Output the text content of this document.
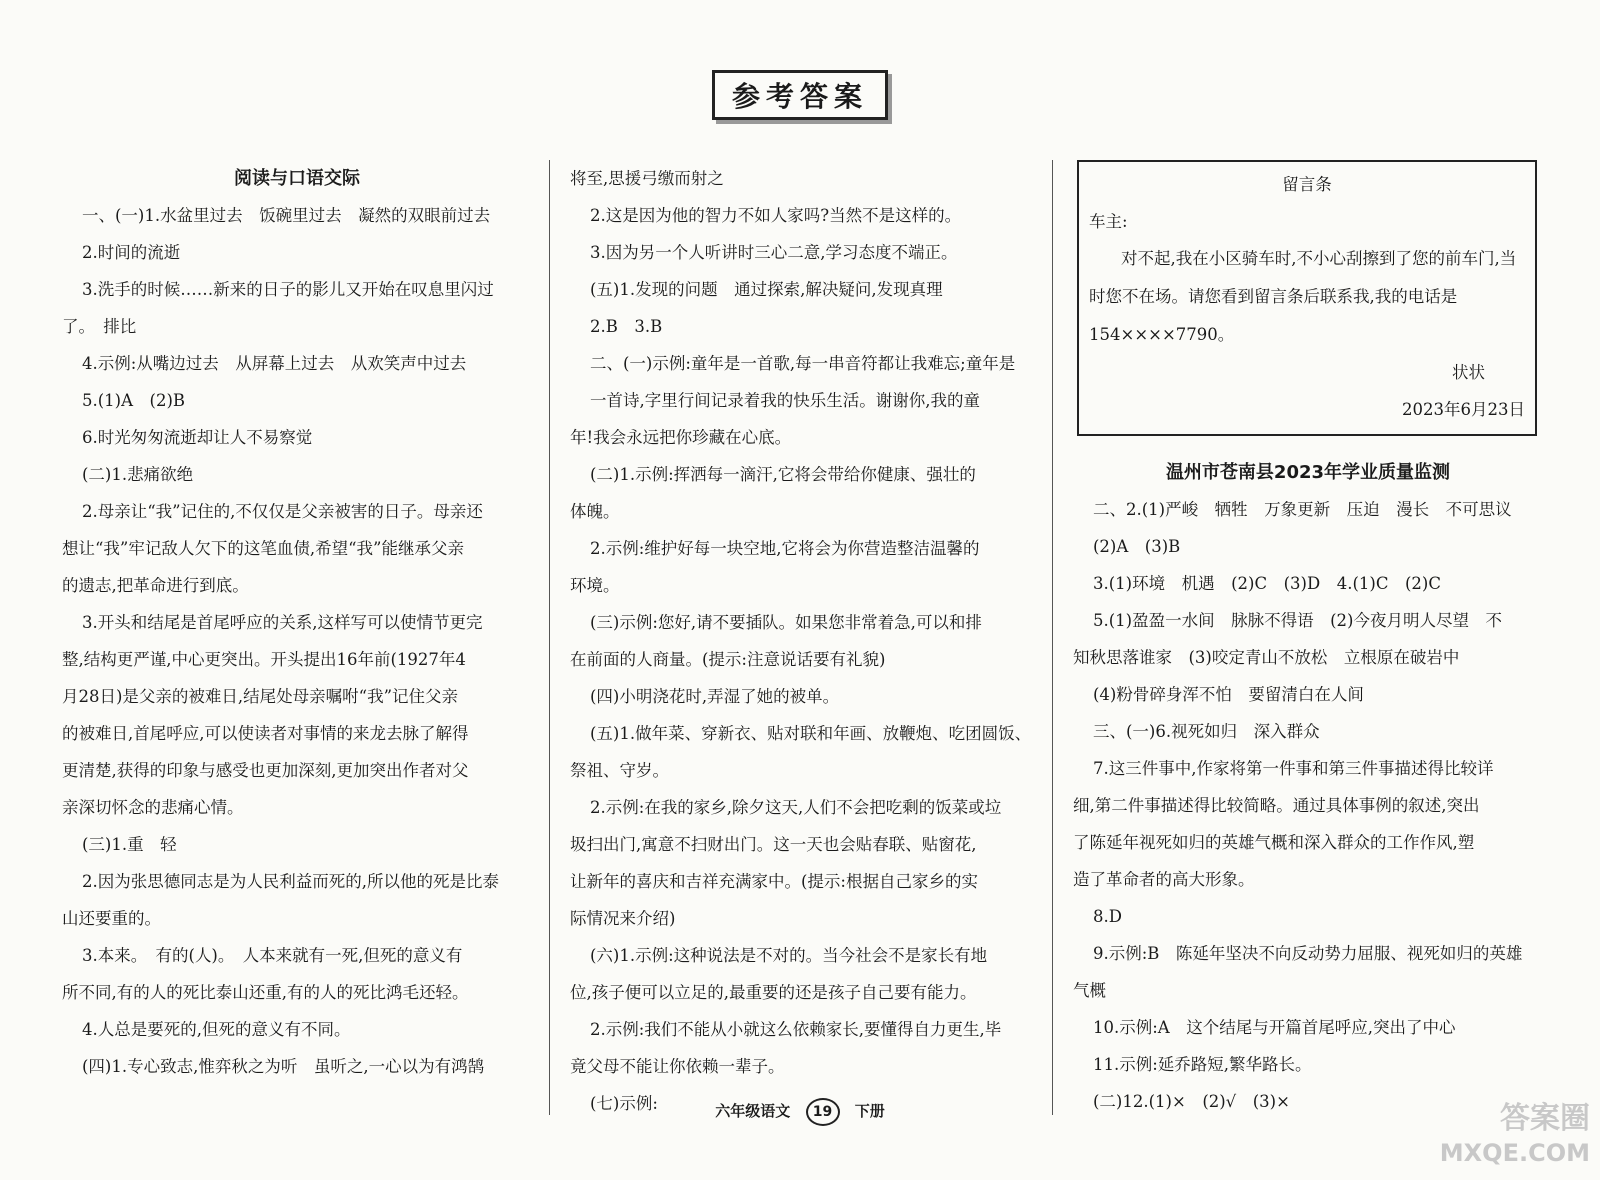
参考答案

阅读与口语交际

一、(一)1.水盆里过去　饭碗里过去　凝然的双眼前过去

2.时间的流逝

3.洗手的时候……新来的日子的影儿又开始在叹息里闪过

了。　排比

4.示例:从嘴边过去　从屏幕上过去　从欢笑声中过去

5.(1)A　(2)B

6.时光匆匆流逝却让人不易察觉

(二)1.悲痛欲绝

2.母亲让“我”记住的,不仅仅是父亲被害的日子。母亲还

想让“我”牢记敌人欠下的这笔血债,希望“我”能继承父亲

的遗志,把革命进行到底。

3.开头和结尾是首尾呼应的关系,这样写可以使情节更完

整,结构更严谨,中心更突出。开头提出16年前(1927年4

月28日)是父亲的被难日,结尾处母亲嘱咐“我”记住父亲

的被难日,首尾呼应,可以使读者对事情的来龙去脉了解得

更清楚,获得的印象与感受也更加深刻,更加突出作者对父

亲深切怀念的悲痛心情。

(三)1.重　轻

2.因为张思德同志是为人民利益而死的,所以他的死是比泰

山还要重的。

3.本来。　有的(人)。　人本来就有一死,但死的意义有

所不同,有的人的死比泰山还重,有的人的死比鸿毛还轻。

4.人总是要死的,但死的意义有不同。

(四)1.专心致志,惟弈秋之为听　虽听之,一心以为有鸿鹄

将至,思援弓缴而射之

2.这是因为他的智力不如人家吗?当然不是这样的。

3.因为另一个人听讲时三心二意,学习态度不端正。

(五)1.发现的问题　通过探索,解决疑问,发现真理

2.B　3.B

二、(一)示例:童年是一首歌,每一串音符都让我难忘;童年是

一首诗,字里行间记录着我的快乐生活。谢谢你,我的童

年!我会永远把你珍藏在心底。

(二)1.示例:挥洒每一滴汗,它将会带给你健康、强壮的

体魄。

2.示例:维护好每一块空地,它将会为你营造整洁温馨的

环境。

(三)示例:您好,请不要插队。如果您非常着急,可以和排

在前面的人商量。(提示:注意说话要有礼貌)

(四)小明浇花时,弄湿了她的被单。

(五)1.做年菜、穿新衣、贴对联和年画、放鞭炮、吃团圆饭、

祭祖、守岁。

2.示例:在我的家乡,除夕这天,人们不会把吃剩的饭菜或垃

圾扫出门,寓意不扫财出门。这一天也会贴春联、贴窗花,

让新年的喜庆和吉祥充满家中。(提示:根据自己家乡的实

际情况来介绍)

(六)1.示例:这种说法是不对的。当今社会不是家长有地

位,孩子便可以立足的,最重要的还是孩子自己要有能力。

2.示例:我们不能从小就这么依赖家长,要懂得自力更生,毕

竟父母不能让你依赖一辈子。

(七)示例:

留言条

车主:

对不起,我在小区骑车时,不小心刮擦到了您的前车门,当时您不在场。请您看到留言条后联系我,我的电话是154××××7790。

状状

2023年6月23日

温州市苍南县2023年学业质量监测

二、2.(1)严峻　牺牲　万象更新　压迫　漫长　不可思议

(2)A　(3)B

3.(1)环境　机遇　(2)C　(3)D　4.(1)C　(2)C

5.(1)盈盈一水间　脉脉不得语　(2)今夜月明人尽望　不

知秋思落谁家　(3)咬定青山不放松　立根原在破岩中

(4)粉骨碎身浑不怕　要留清白在人间

三、(一)6.视死如归　深入群众

7.这三件事中,作家将第一件事和第三件事描述得比较详

细,第二件事描述得比较简略。通过具体事例的叙述,突出

了陈延年视死如归的英雄气概和深入群众的工作作风,塑

造了革命者的高大形象。

8.D

9.示例:B　陈延年坚决不向反动势力屈服、视死如归的英雄

气概

10.示例:A　这个结尾与开篇首尾呼应,突出了中心

11.示例:延乔路短,繁华路长。

(二)12.(1)×　(2)√　(3)×

六年级语文 19 下册	答案圈
MXQE.COM
